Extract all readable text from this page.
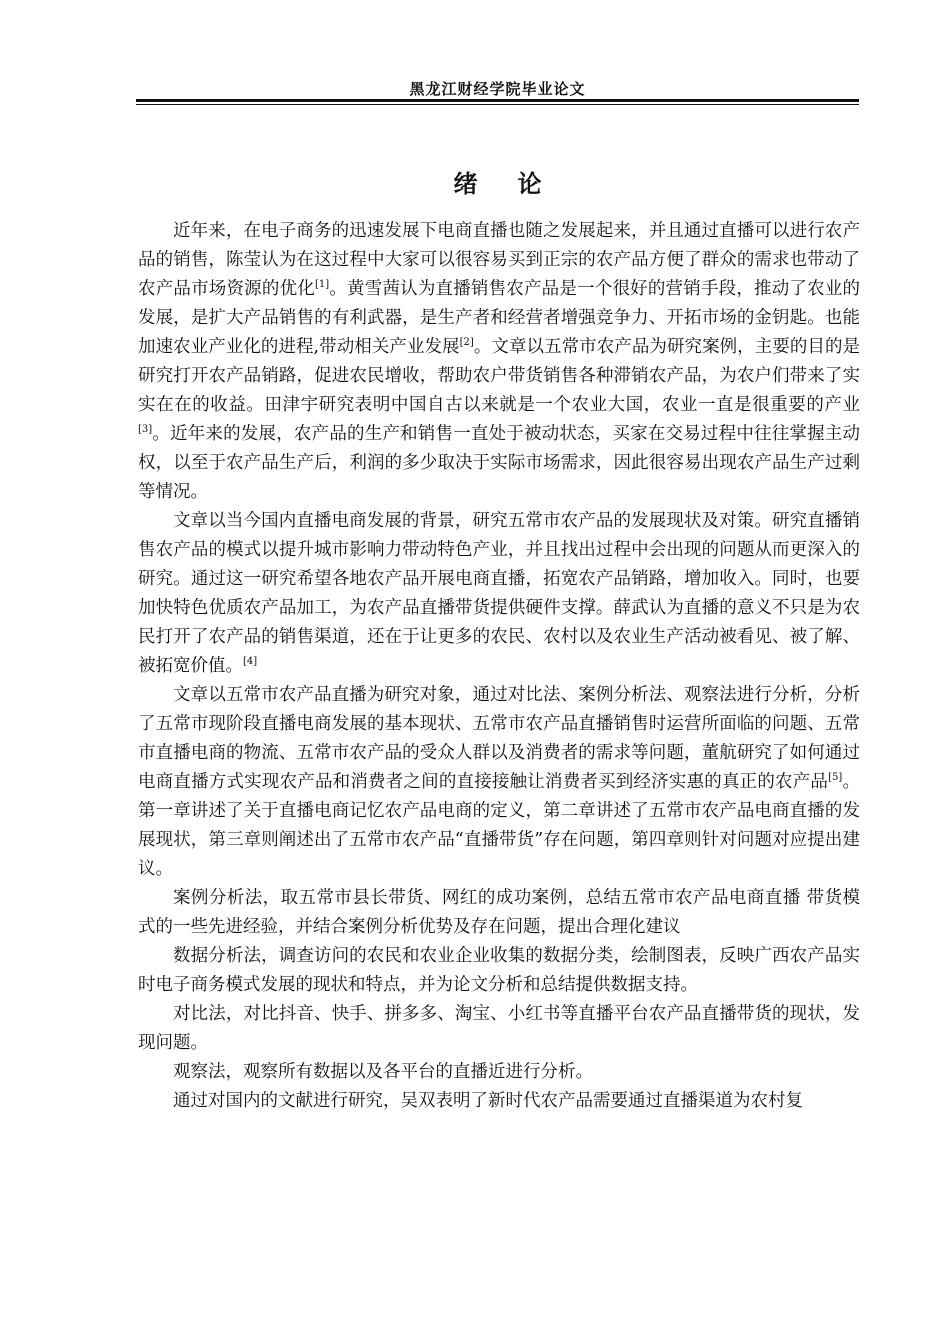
黑龙江财经学院毕业论文
绪论

近年来，在电子商务的迅速发展下电商直播也随之发展起来，并且通过直播可以进行农产品的销售，陈莹认为在这过程中大家可以很容易买到正宗的农产品方便了群众的需求也带动了农产品市场资源的优化[1]。黄雪茜认为直播销售农产品是一个很好的营销手段，推动了农业的发展，是扩大产品销售的有利武器，是生产者和经营者增强竞争力、开拓市场的金钥匙。也能加速农业产业化的进程,带动相关产业发展[2]。文章以五常市农产品为研究案例，主要的目的是研究打开农产品销路，促进农民增收，帮助农户带货销售各种滞销农产品，为农户们带来了实实在在的收益。田津宇研究表明中国自古以来就是一个农业大国，农业一直是很重要的产业[3]。近年来的发展，农产品的生产和销售一直处于被动状态，买家在交易过程中往往掌握主动权，以至于农产品生产后，利润的多少取决于实际市场需求，因此很容易出现农产品生产过剩等情况。

文章以当今国内直播电商发展的背景，研究五常市农产品的发展现状及对策。研究直播销售农产品的模式以提升城市影响力带动特色产业，并且找出过程中会出现的问题从而更深入的研究。通过这一研究希望各地农产品开展电商直播，拓宽农产品销路，增加收入。同时，也要加快特色优质农产品加工，为农产品直播带货提供硬件支撑。薛武认为直播的意义不只是为农民打开了农产品的销售渠道，还在于让更多的农民、农村以及农业生产活动被看见、被了解、被拓宽价值。[4]

文章以五常市农产品直播为研究对象，通过对比法、案例分析法、观察法进行分析，分析了五常市现阶段直播电商发展的基本现状、五常市农产品直播销售时运营所面临的问题、五常市直播电商的物流、五常市农产品的受众人群以及消费者的需求等问题，董航研究了如何通过电商直播方式实现农产品和消费者之间的直接接触让消费者买到经济实惠的真正的农产品[5]。第一章讲述了关于直播电商记忆农产品电商的定义，第二章讲述了五常市农产品电商直播的发展现状，第三章则阐述出了五常市农产品“直播带货”存在问题，第四章则针对问题对应提出建议。

案例分析法，取五常市县长带货、网红的成功案例，总结五常市农产品电商直播 带货模式的一些先进经验，并结合案例分析优势及存在问题，提出合理化建议

数据分析法，调查访问的农民和农业企业收集的数据分类，绘制图表，反映广西农产品实时电子商务模式发展的现状和特点，并为论文分析和总结提供数据支持。

对比法，对比抖音、快手、拼多多、淘宝、小红书等直播平台农产品直播带货的现状，发现问题。

观察法，观察所有数据以及各平台的直播近进行分析。

通过对国内的文献进行研究，吴双表明了新时代农产品需要通过直播渠道为农村复
